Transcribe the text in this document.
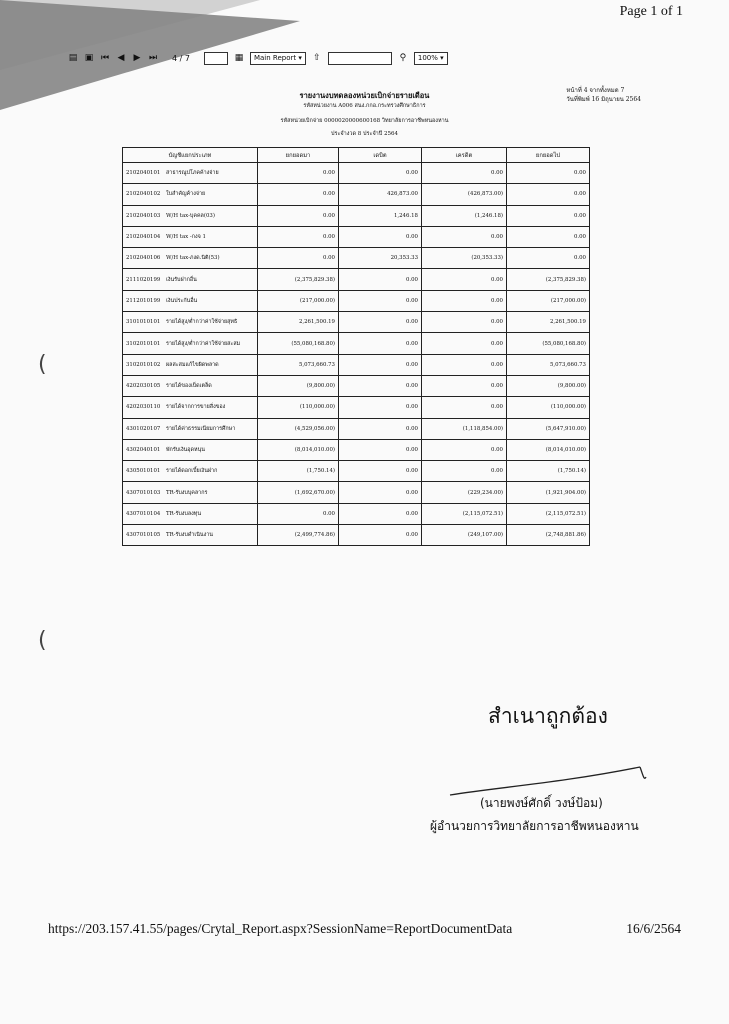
Page 1 of 1
▤ ▣ ⏮ ◀ ▶ ⏭ 4 / 7	▦	Main Report ▾	⇧	⚲	100% ▾
รายงานงบทดลองหน่วยเบิกจ่ายรายเดือน
รหัสหน่วยงาน A006 สนง.กกอ.กระทรวงศึกษาธิการ
รหัสหน่วยเบิกจ่าย 0000020000600168 วิทยาลัยการอาชีพหนองหาน
ประจำงวด 8 ประจำปี 2564
หน้าที่ 4 จากทั้งหมด 7
วันที่พิมพ์ 16 มิถุนายน 2564
บัญชีแยกประเภท	ยกยอดมา	เดบิต	เครดิต	ยกยอดไป
2102040101 สาธารณูปโภคค้างจ่าย	0.00	0.00	0.00	0.00
2102040102 ใบสำคัญค้างจ่าย	0.00	426,873.00	(426,873.00)	0.00
2102040103 W/H tax-บุคคล(03)	0.00	1,246.18	(1,246.18)	0.00
2102040104 W/H tax -กงจ 1	0.00	0.00	0.00	0.00
2102040106 W/H tax-ภงด.นิติ(53)	0.00	20,353.33	(20,353.33)	0.00
2111020199 เงินรับฝากอื่น	(2,375,829.38)	0.00	0.00	(2,375,829.38)
2112010199 เงินประกันอื่น	(217,000.00)	0.00	0.00	(217,000.00)
3101010101 รายได้สูง/ต่ำกว่าค่าใช้จ่ายสุทธิ	2,261,500.19	0.00	0.00	2,261,500.19
3102010101 รายได้สูง/ต่ำกว่าค่าใช้จ่ายสะสม	(55,080,168.80)	0.00	0.00	(55,080,168.80)
3102010102 ผลสะสมแก้ไขผิดพลาด	5,073,660.73	0.00	0.00	5,073,660.73
4202030105 รายได้ของเบ็ดเตล็ด	(9,800.00)	0.00	0.00	(9,800.00)
4202030110 รายได้จากการขายสิ่งของ	(110,000.00)	0.00	0.00	(110,000.00)
4301020107 รายได้ค่าธรรมเนียมการศึกษา	(4,529,056.00)	0.00	(1,118,854.00)	(5,647,910.00)
4302040101 พักรับเงินอุดหนุน	(8,014,010.00)	0.00	0.00	(8,014,010.00)
4305010101 รายได้ดอกเบี้ยเงินฝาก	(1,750.14)	0.00	0.00	(1,750.14)
4307010103 TR-รับงบบุคลากร	(1,692,670.00)	0.00	(229,234.00)	(1,921,904.00)
4307010104 TR-รับงบลงทุน	0.00	0.00	(2,115,072.51)	(2,115,072.51)
4307010105 TR-รับงบดำเนินงาน	(2,499,774.86)	0.00	(249,107.00)	(2,748,881.86)
(
(
สำเนาถูกต้อง
(นายพงษ์ศักดิ์ วงษ์ป้อม)
ผู้อำนวยการวิทยาลัยการอาชีพหนองหาน
https://203.157.41.55/pages/Crytal_Report.aspx?SessionName=ReportDocumentData	16/6/2564
